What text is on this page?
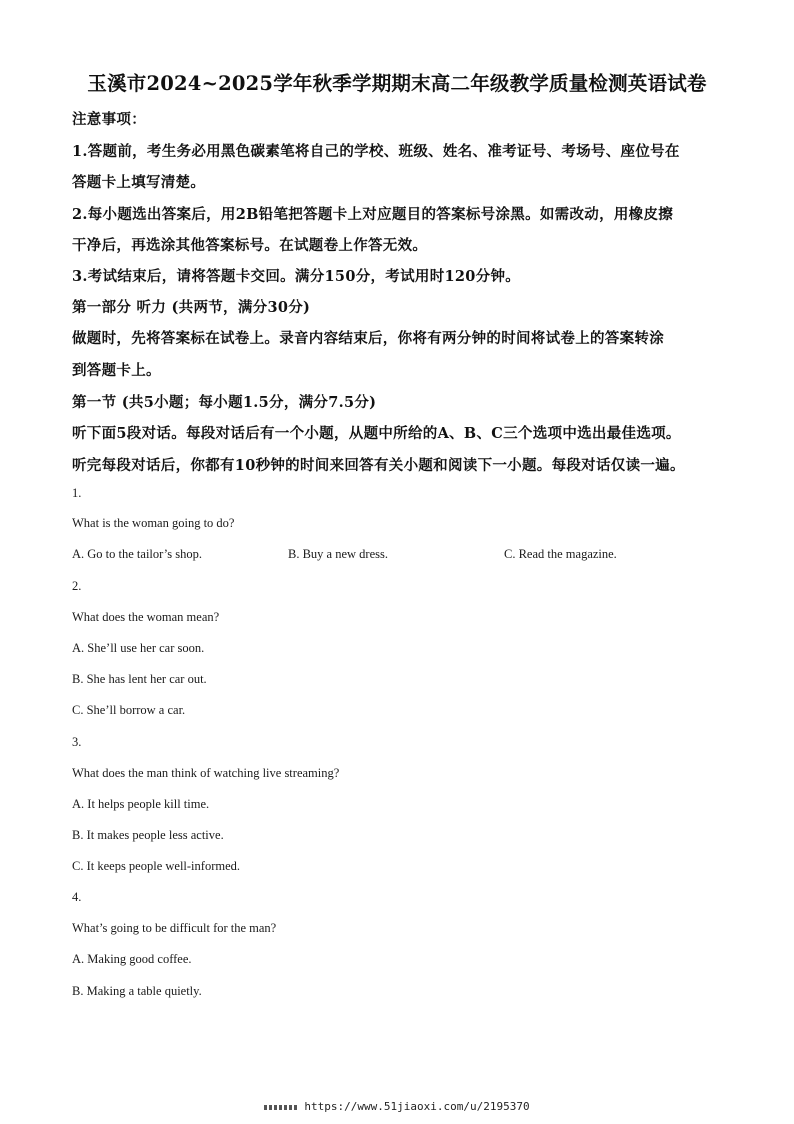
玉溪市2024~2025学年秋季学期期末高二年级教学质量检测英语试卷
注意事项：
1.答题前，考生务必用黑色碳素笔将自己的学校、班级、姓名、准考证号、考场号、座位号在
答题卡上填写清楚。
2.每小题选出答案后，用2B铅笔把答题卡上对应题目的答案标号涂黑。如需改动，用橡皮擦
干净后，再选涂其他答案标号。在试题卷上作答无效。
3.考试结束后，请将答题卡交回。满分150分，考试用时120分钟。
第一部分 听力 (共两节，满分30分)
做题时，先将答案标在试卷上。录音内容结束后，你将有两分钟的时间将试卷上的答案转涂
到答题卡上。
第一节 (共5小题；每小题1.5分，满分7.5分)
听下面5段对话。每段对话后有一个小题，从题中所给的A、B、C三个选项中选出最佳选项。
听完每段对话后，你都有10秒钟的时间来回答有关小题和阅读下一小题。每段对话仅读一遍。
1.
What is the woman going to do?
A. Go to the tailor’s shop.	B. Buy a new dress.	C. Read the magazine.
2.
What does the woman mean?
A. She’ll use her car soon.
B. She has lent her car out.
C. She’ll borrow a car.
3.
What does the man think of watching live streaming?
A. It helps people kill time.
B. It makes people less active.
C. It keeps people well-informed.
4.
What’s going to be difficult for the man?
A. Making good coffee.
B. Making a table quietly.
https://www.51jiaoxi.com/u/2195370
